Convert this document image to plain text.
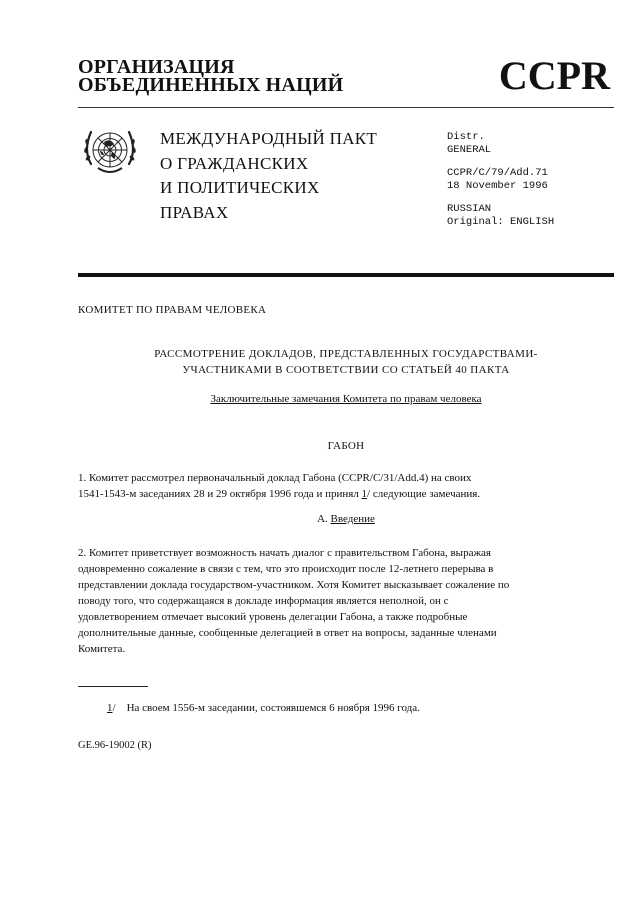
ОРГАНИЗАЦИЯ
ОБЪЕДИНЕННЫХ НАЦИЙ	CCPR
МЕЖДУНАРОДНЫЙ ПАКТ
О ГРАЖДАНСКИХ
И ПОЛИТИЧЕСКИХ
ПРАВАХ
Distr.
GENERAL
CCPR/C/79/Add.71
18 November 1996
RUSSIAN
Original: ENGLISH
КОМИТЕТ ПО ПРАВАМ ЧЕЛОВЕКА
РАССМОТРЕНИЕ ДОКЛАДОВ, ПРЕДСТАВЛЕННЫХ ГОСУДАРСТВАМИ-
УЧАСТНИКАМИ В СООТВЕТСТВИИ СО СТАТЬЕЙ 40 ПАКТА
Заключительные замечания Комитета по правам человека
ГАБОН
1. Комитет рассмотрел первоначальный доклад Габона (CCPR/C/31/Add.4) на своих
1541-1543-м заседаниях 28 и 29 октября 1996 года и принял 1/ следующие замечания.
A. Введение
2. Комитет приветствует возможность начать диалог с правительством Габона, выражая
одновременно сожаление в связи с тем, что это происходит после 12-летнего перерыва в
представлении доклада государством-участником. Хотя Комитет высказывает сожаление по
поводу того, что содержащаяся в докладе информация является неполной, он с
удовлетворением отмечает высокий уровень делегации Габона, а также подробные
дополнительные данные, сообщенные делегацией в ответ на вопросы, заданные членами
Комитета.
1/    На своем 1556-м заседании, состоявшемся 6 ноября 1996 года.
GE.96-19002 (R)
